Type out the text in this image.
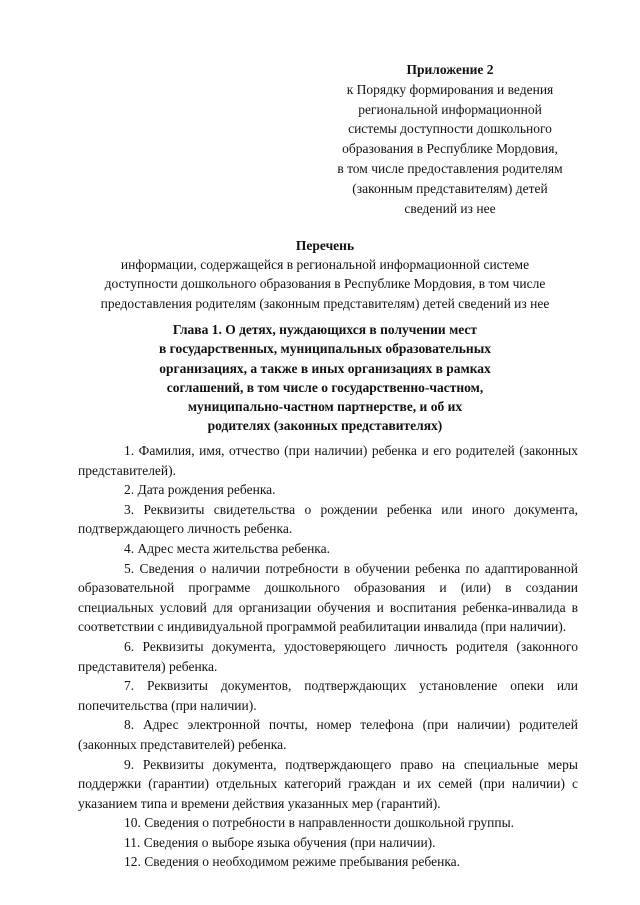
Приложение 2
к Порядку формирования и ведения
региональной информационной
системы доступности дошкольного
образования в Республике Мордовия,
в том числе предоставления родителям
(законным представителям) детей
сведений из нее
Перечень
информации, содержащейся в региональной информационной системе
доступности дошкольного образования в Республике Мордовия, в том числе
предоставления родителям (законным представителям) детей сведений из нее
Глава 1. О детях, нуждающихся в получении мест
в государственных, муниципальных образовательных
организациях, а также в иных организациях в рамках
соглашений, в том числе о государственно-частном,
муниципально-частном партнерстве, и об их
родителях (законных представителях)

1. Фамилия, имя, отчество (при наличии) ребенка и его родителей (законных представителей).

2. Дата рождения ребенка.

3. Реквизиты свидетельства о рождении ребенка или иного документа, подтверждающего личность ребенка.

4. Адрес места жительства ребенка.

5. Сведения о наличии потребности в обучении ребенка по адаптированной образовательной программе дошкольного образования и (или) в создании специальных условий для организации обучения и воспитания ребенка-инвалида в соответствии с индивидуальной программой реабилитации инвалида (при наличии).

6. Реквизиты документа, удостоверяющего личность родителя (законного представителя) ребенка.

7. Реквизиты документов, подтверждающих установление опеки или попечительства (при наличии).

8. Адрес электронной почты, номер телефона (при наличии) родителей (законных представителей) ребенка.

9. Реквизиты документа, подтверждающего право на специальные меры поддержки (гарантии) отдельных категорий граждан и их семей (при наличии) с указанием типа и времени действия указанных мер (гарантий).

10. Сведения о потребности в направленности дошкольной группы.

11. Сведения о выборе языка обучения (при наличии).

12. Сведения о необходимом режиме пребывания ребенка.
